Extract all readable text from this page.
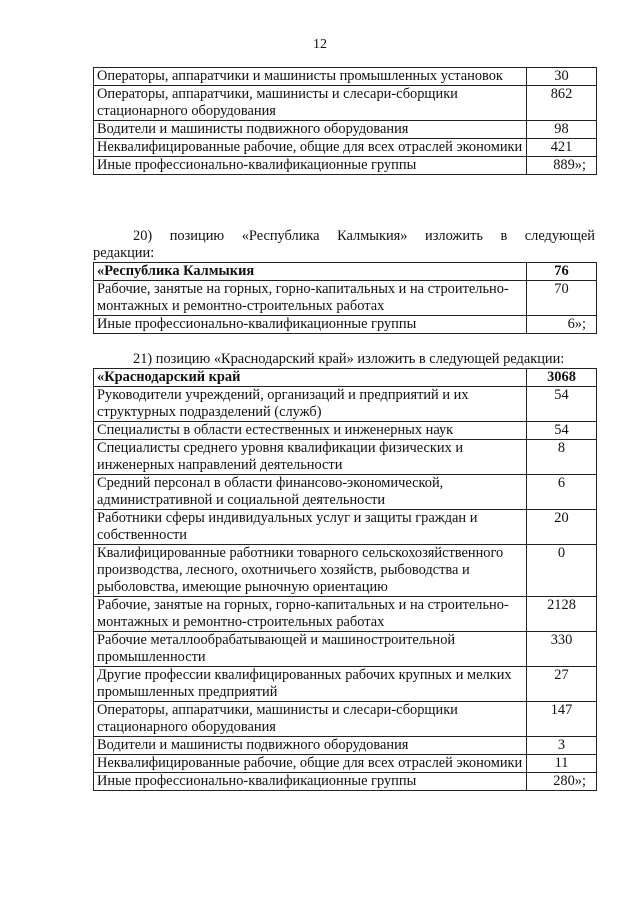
12
Операторы, аппаратчики и машинисты промышленных установок	30
Операторы, аппаратчики, машинисты и слесари-сборщики стационарного оборудования	862
Водители и машинисты подвижного оборудования	98
Неквалифицированные рабочие, общие для всех отраслей экономики	421
Иные профессионально-квалификационные группы	889»;
20) позицию «Республика Калмыкия» изложить в следующей
редакции:
«Республика Калмыкия	76
Рабочие, занятые на горных, горно-капитальных и на строительно-монтажных и ремонтно-строительных работах	70
Иные профессионально-квалификационные группы	6»;
21) позицию «Краснодарский край» изложить в следующей редакции:
«Краснодарский край	3068
Руководители учреждений, организаций и предприятий и их структурных подразделений (служб)	54
Специалисты в области естественных и инженерных наук	54
Специалисты среднего уровня квалификации физических и инженерных направлений деятельности	8
Средний персонал в области финансово-экономической, административной и социальной деятельности	6
Работники сферы индивидуальных услуг и защиты граждан и собственности	20
Квалифицированные работники товарного сельскохозяйственного производства, лесного, охотничьего хозяйств, рыбоводства и рыболовства, имеющие рыночную ориентацию	0
Рабочие, занятые на горных, горно-капитальных и на строительно-монтажных и ремонтно-строительных работах	2128
Рабочие металлообрабатывающей и машиностроительной промышленности	330
Другие профессии квалифицированных рабочих крупных и мелких промышленных предприятий	27
Операторы, аппаратчики, машинисты и слесари-сборщики стационарного оборудования	147
Водители и машинисты подвижного оборудования	3
Неквалифицированные рабочие, общие для всех отраслей экономики	11
Иные профессионально-квалификационные группы	280»;
